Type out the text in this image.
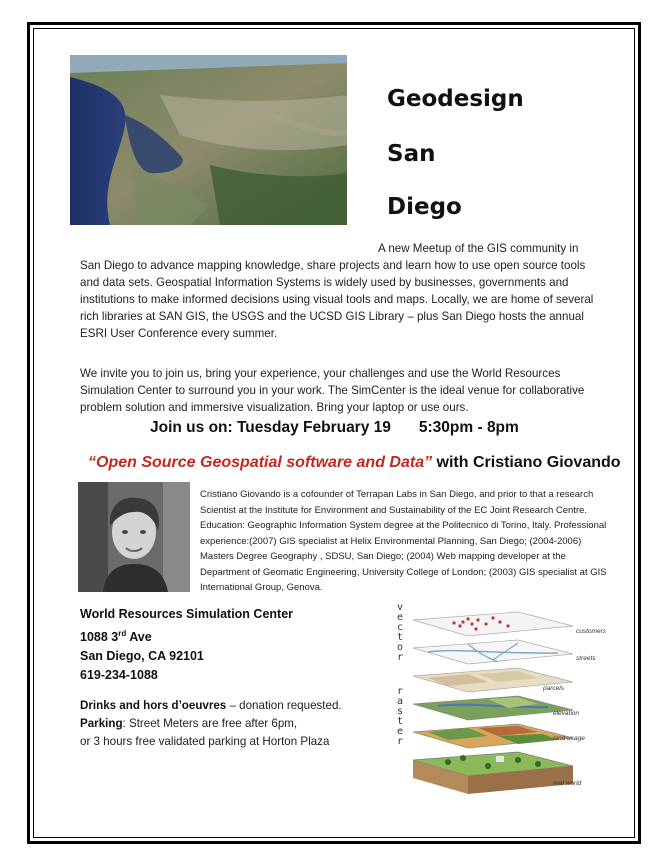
Geodesign
San
Diego
A new Meetup of the GIS community in
San Diego to advance mapping knowledge, share projects and learn how to use open source tools and data sets. Geospatial Information Systems is widely used by businesses, governments and institutions to make informed decisions using visual tools and maps. Locally, we are home of several rich libraries at SAN GIS, the USGS and the UCSD GIS Library – plus San Diego hosts the annual ESRI User Conference every summer.
We invite you to join us, bring your experience, your challenges and use the World Resources Simulation Center to surround you in your work. The SimCenter is the ideal venue for collaborative problem solution and immersive visualization. Bring your laptop or use ours.
Join us on: Tuesday February 19 5:30pm - 8pm
“Open Source Geospatial software and Data” with Cristiano Giovando
Cristiano Giovando is a cofounder of Terrapan Labs in San Diego, and prior to that a research Scientist at the Institute for Environment and Sustainability of the EC Joint Research Centre. Education: Geographic Information System degree at the Politecnico di Torino, Italy. Professional experience:(2007) GIS specialist at Helix Environmental Planning, San Diego; (2004-2006) Masters Degree Geography , SDSU, San Diego; (2004) Web mapping developer at the Department of Geomatic Engineering, University College of London; (2003) GIS specialist at GIS International Group, Genova.
World Resources Simulation Center
1088 3rd Ave
San Diego, CA 92101
619-234-1088
Drinks and hors d’oeuvres – donation requested.
Parking: Street Meters are free after 6pm,
or 3 hours free validated parking at Horton Plaza
v
e
c
t
o
r
r
a
s
t
e
r
customers
streets
parcels
elevation
land usage
real world
